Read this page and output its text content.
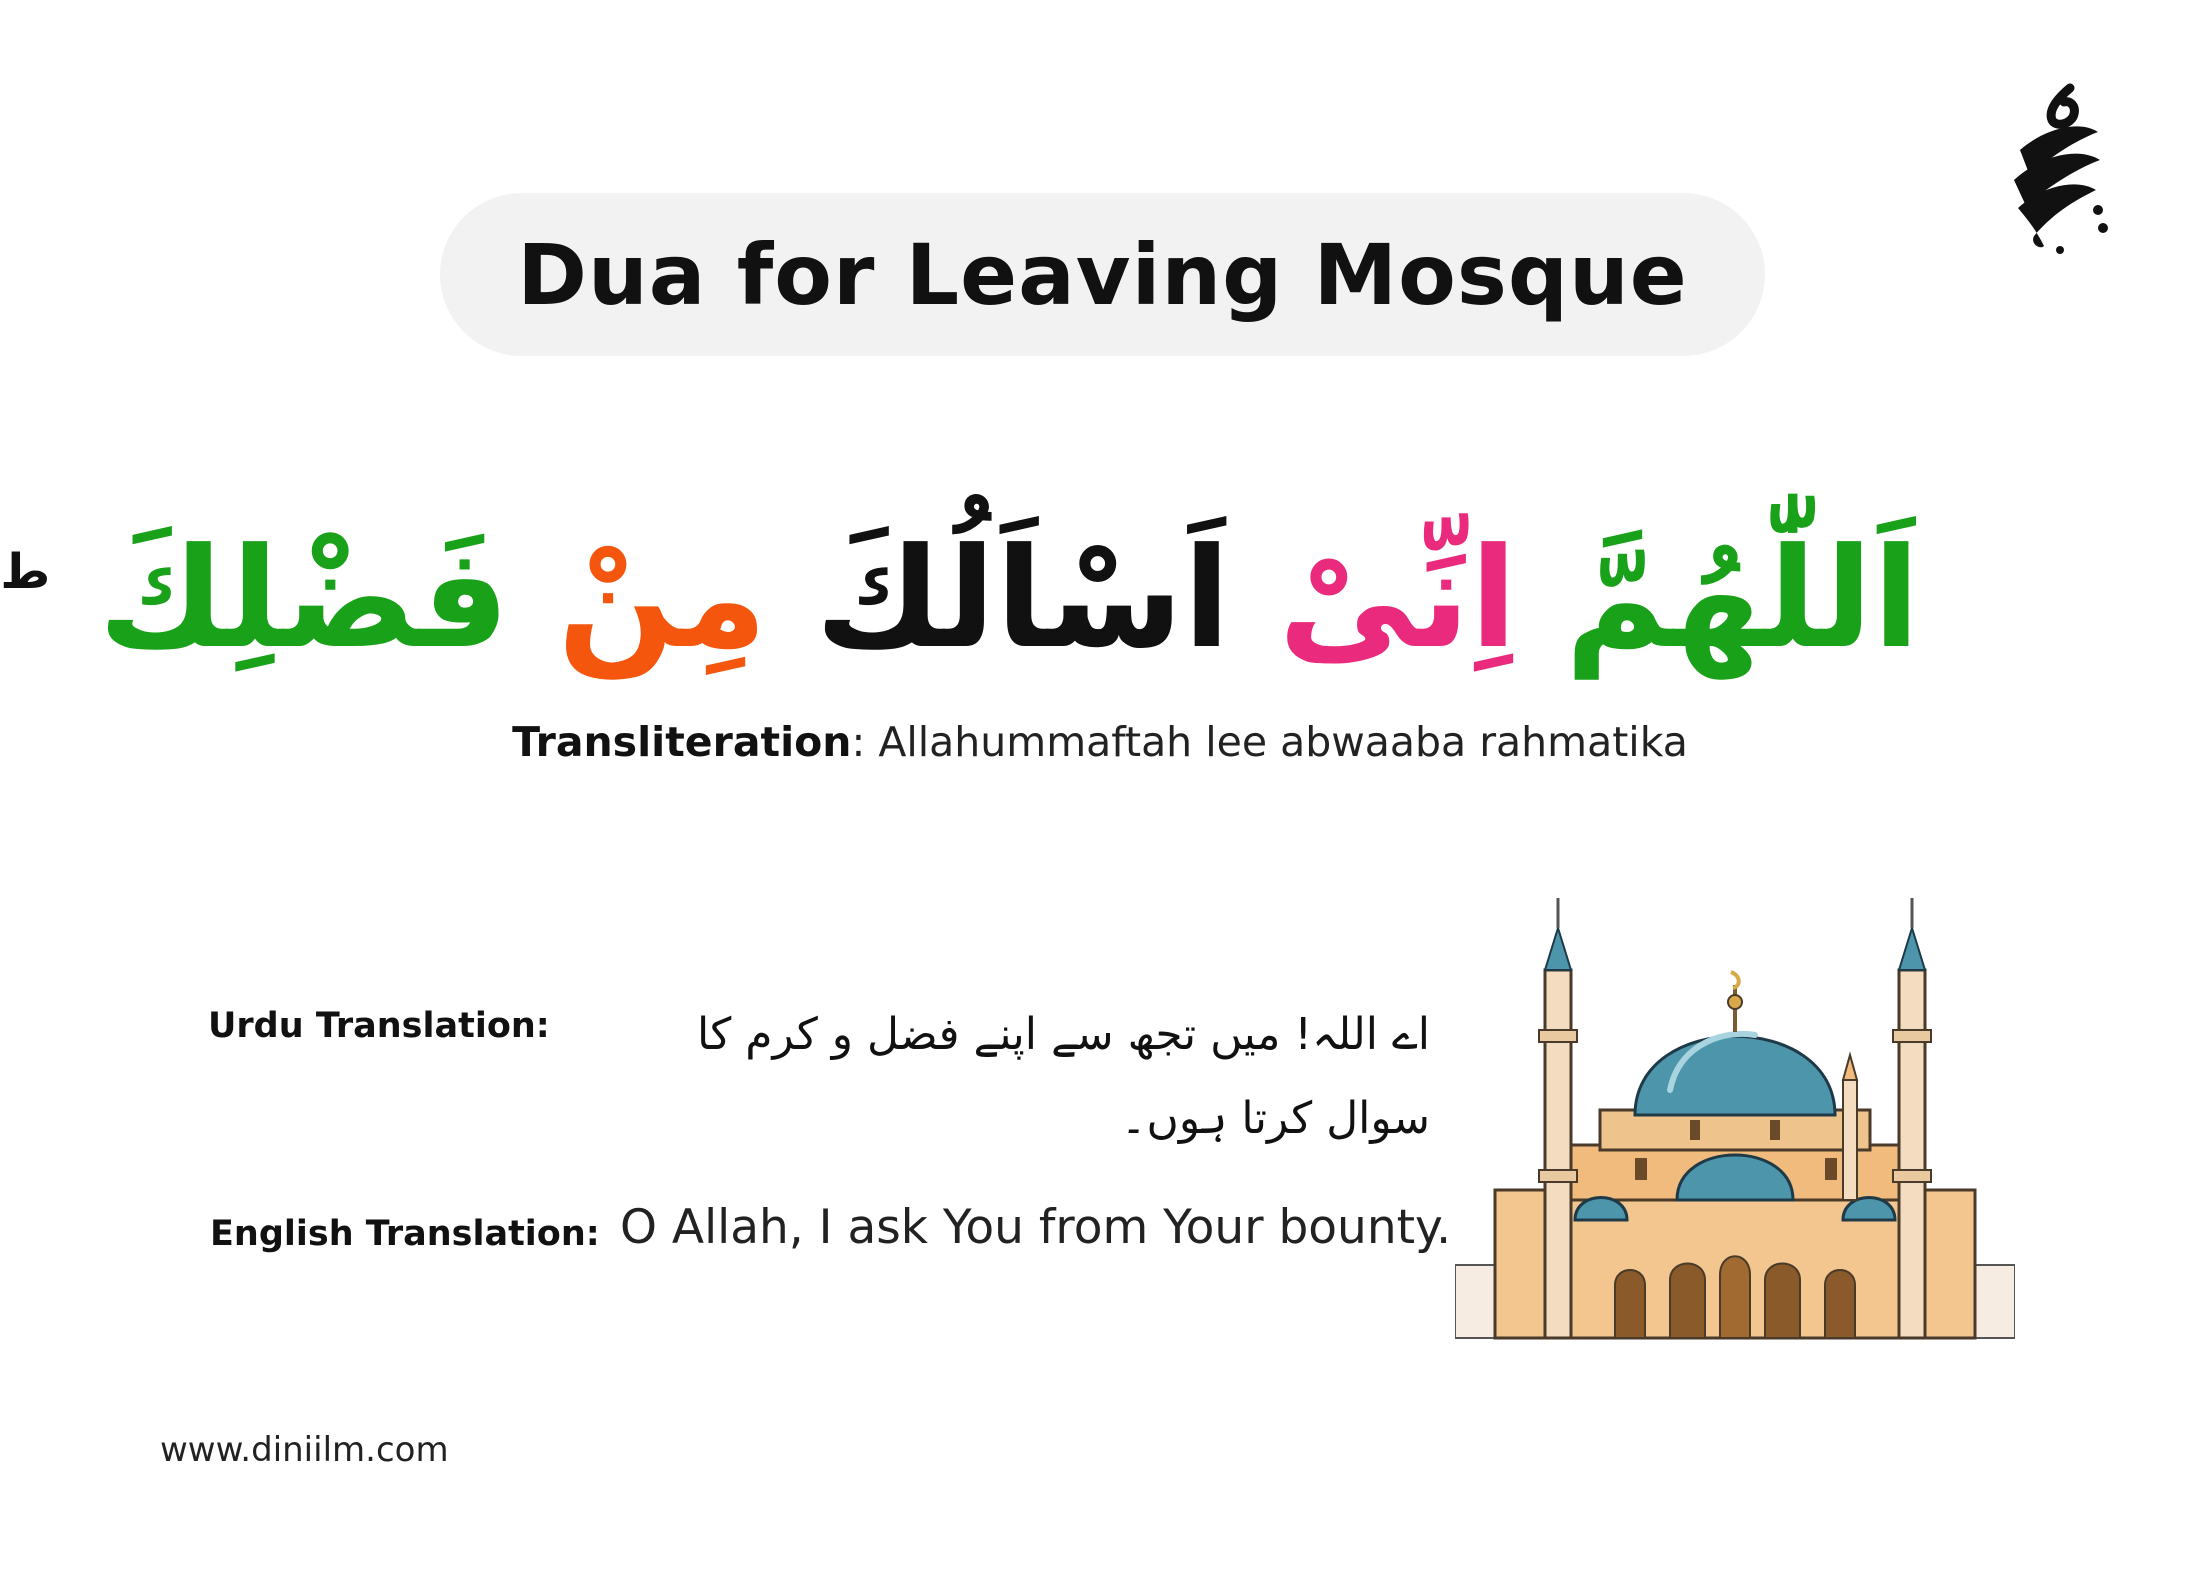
Dua for Leaving Mosque
اَللّٰهُمَّ اِنِّیْ اَسْاَلُكَ مِنْ فَضْلِكَ $^ط$
Transliteration: Allahummaftah lee abwaaba rahmatika
Urdu Translation:	اے اللہ! میں تجھ سے اپنے فضل و کرم کا سوال کرتا ہوں۔
English Translation: O Allah, I ask You from Your bounty.
www.diniilm.com
